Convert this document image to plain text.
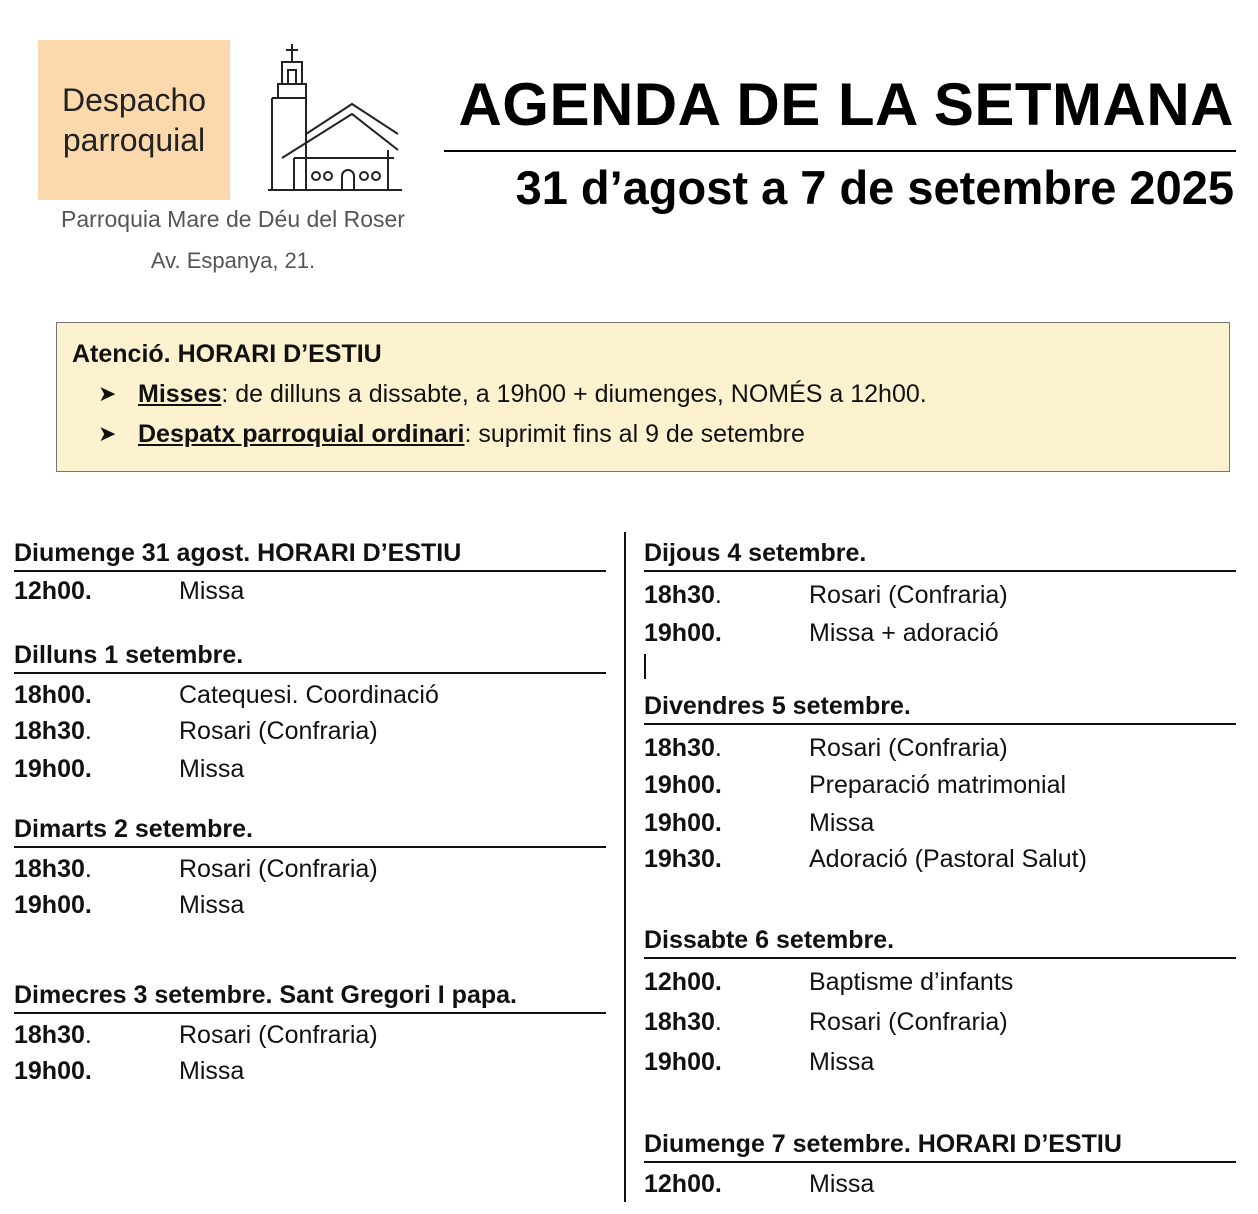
Despacho
parroquial
Parroquia Mare de Déu del Roser
Av. Espanya, 21.
AGENDA DE LA SETMANA
31 d’agost a 7 de setembre 2025
Atenció. HORARI D’ESTIU
➤ Misses : de dilluns a dissabte, a 19h00 + diumenges, NOMÉS a 12h00.
➤ Despatx parroquial ordinari : suprimit fins al 9 de setembre
Diumenge 31 agost. HORARI D’ESTIU
12h00.	Missa
Dilluns 1 setembre.
18h00.	Catequesi. Coordinació
18h30 .	Rosari (Confraria)
19h00.	Missa
Dimarts 2 setembre.
18h30 .	Rosari (Confraria)
19h00.	Missa
Dimecres 3 setembre. Sant Gregori I papa.
18h30 .	Rosari (Confraria)
19h00.	Missa
Dijous 4 setembre.
18h30 .	Rosari (Confraria)
19h00.	Missa + adoració
Divendres 5 setembre.
18h30 .	Rosari (Confraria)
19h00.	Preparació matrimonial
19h00.	Missa
19h30.	Adoració (Pastoral Salut)
Dissabte 6 setembre.
12h00.	Baptisme d’infants
18h30 .	Rosari (Confraria)
19h00.	Missa
Diumenge 7 setembre. HORARI D’ESTIU
12h00.	Missa
